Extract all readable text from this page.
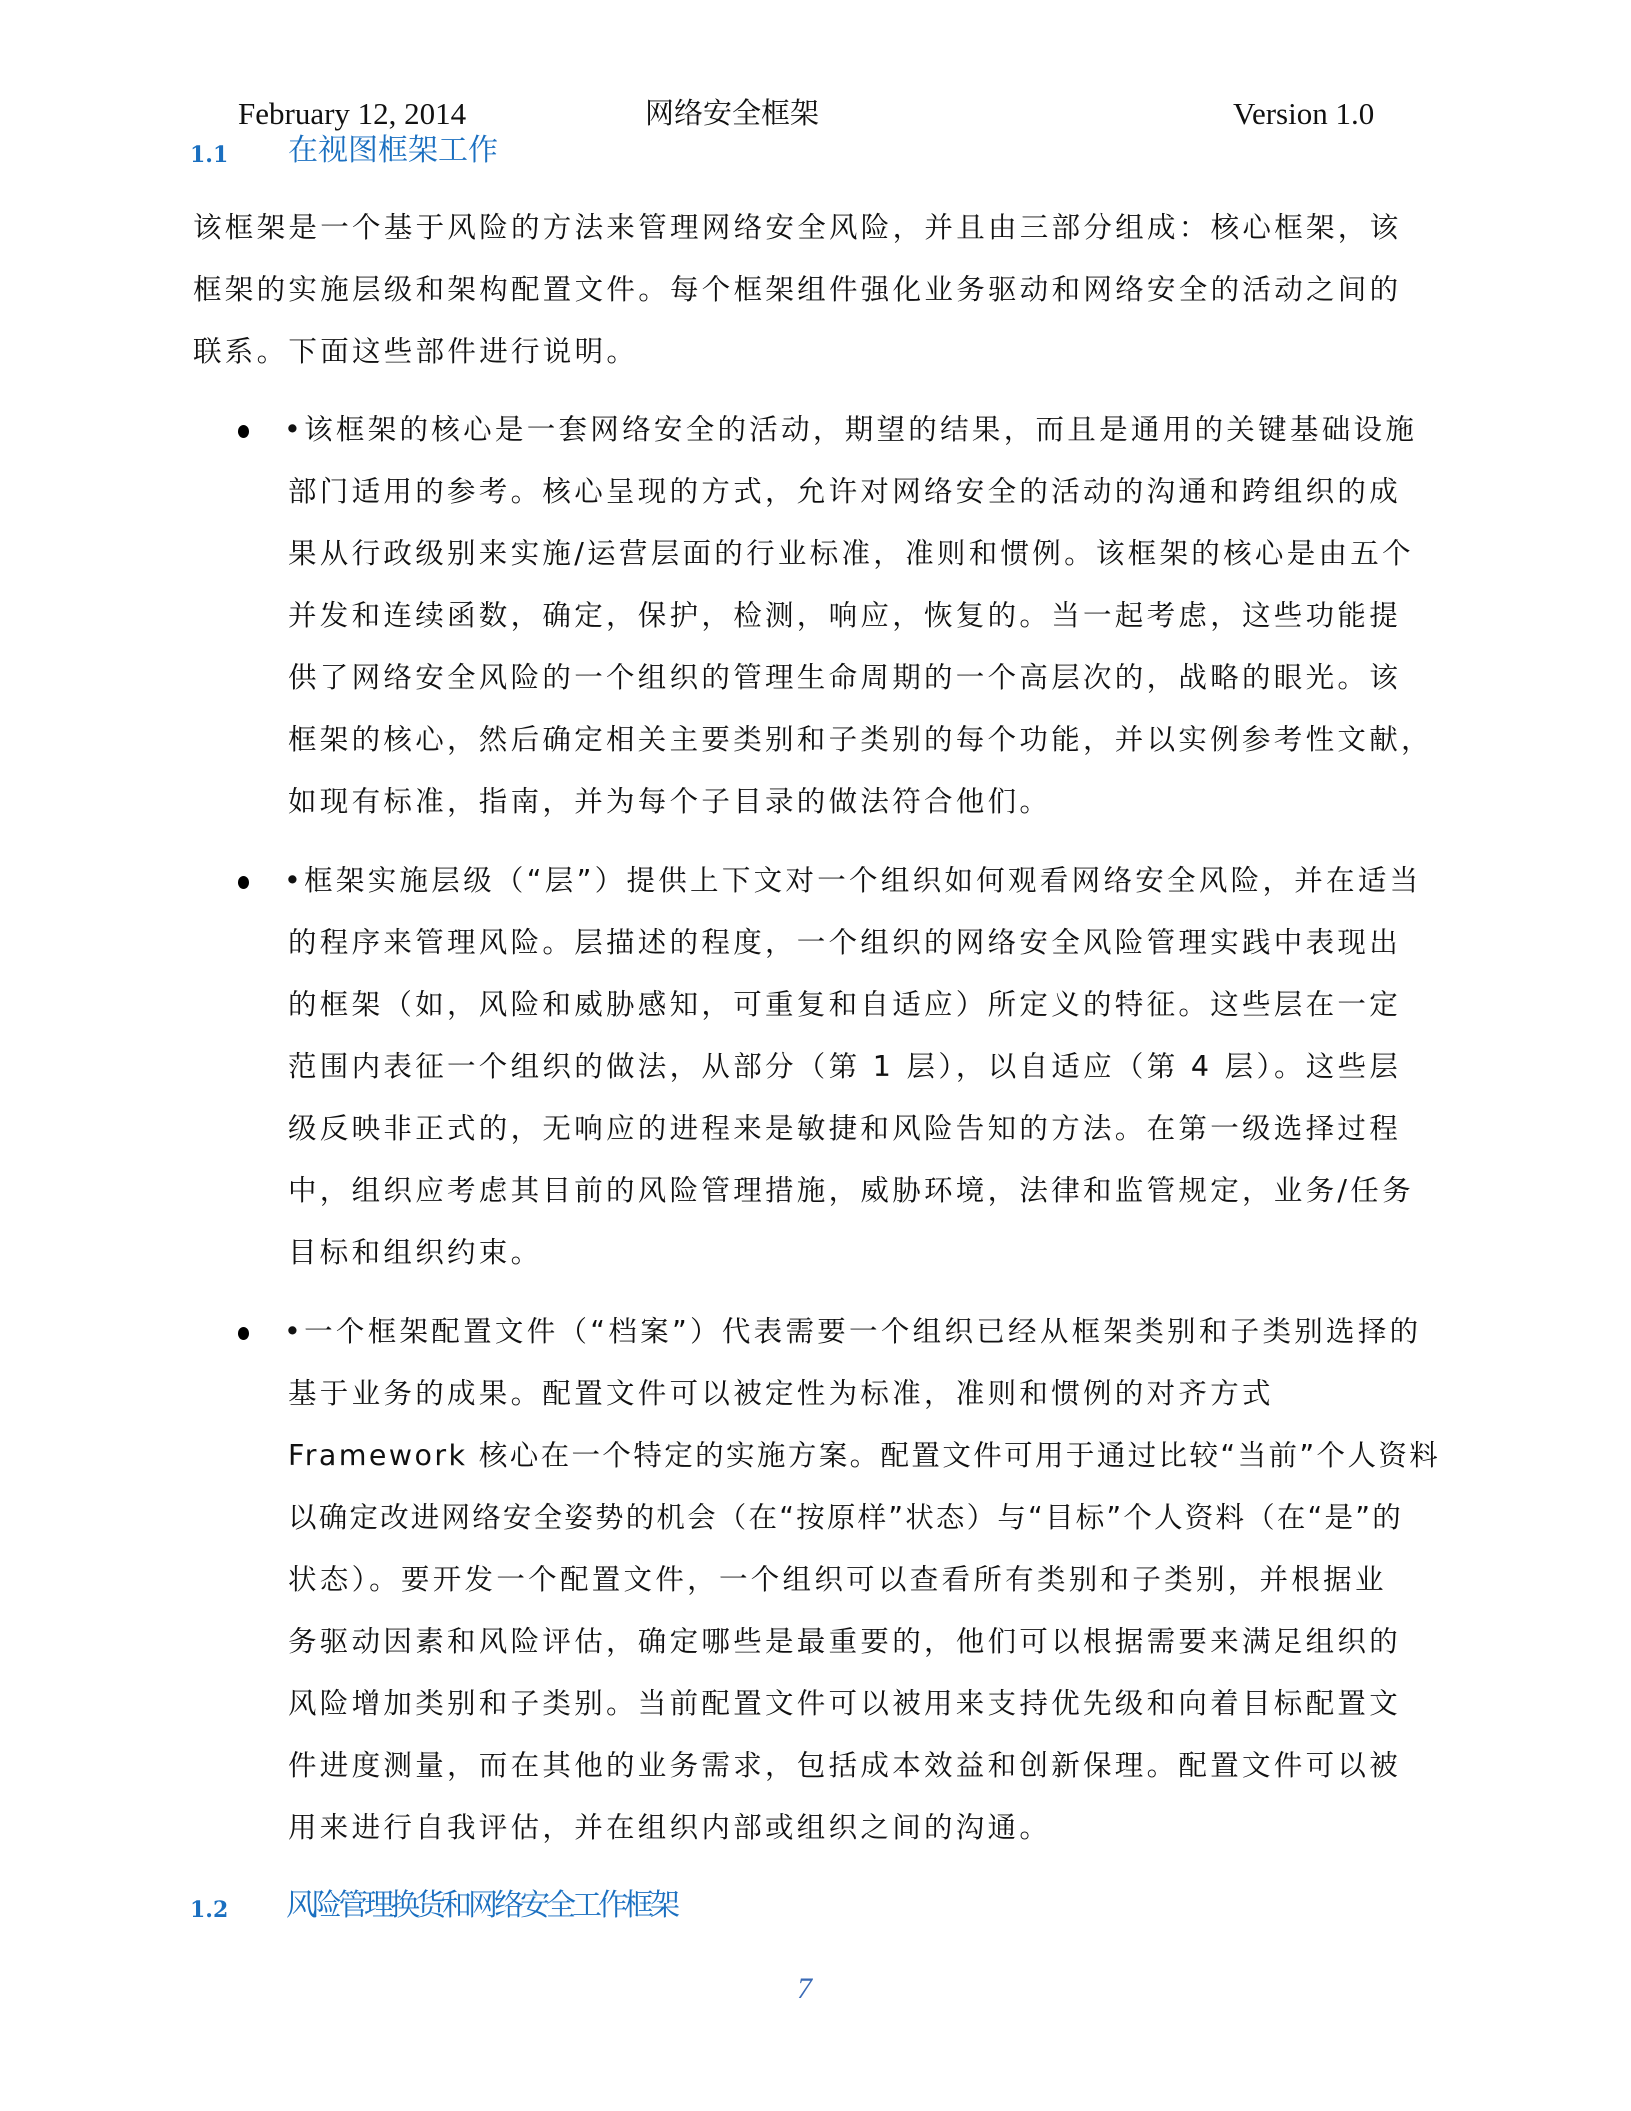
February 12, 2014	网络安全框架	Version 1.0
1.1 在视图框架工作
该框架是一个基于风险的方法来管理网络安全风险，并且由三部分组成：核心框架，该
框架的实施层级和架构配置文件。每个框架组件强化业务驱动和网络安全的活动之间的
联系。下面这些部件进行说明。
•该框架的核心是一套网络安全的活动，期望的结果，而且是通用的关键基础设施
部门适用的参考。核心呈现的方式，允许对网络安全的活动的沟通和跨组织的成
果从行政级别来实施/运营层面的行业标准，准则和惯例。该框架的核心是由五个
并发和连续函数，确定，保护，检测，响应，恢复的。当一起考虑，这些功能提
供了网络安全风险的一个组织的管理生命周期的一个高层次的，战略的眼光。该
框架的核心，然后确定相关主要类别和子类别的每个功能，并以实例参考性文献，
如现有标准，指南，并为每个子目录的做法符合他们。
•框架实施层级（“层”）提供上下文对一个组织如何观看网络安全风险，并在适当
的程序来管理风险。层描述的程度，一个组织的网络安全风险管理实践中表现出
的框架（如，风险和威胁感知，可重复和自适应）所定义的特征。这些层在一定
范围内表征一个组织的做法，从部分（第 1 层），以自适应（第 4 层）。这些层
级反映非正式的，无响应的进程来是敏捷和风险告知的方法。在第一级选择过程
中，组织应考虑其目前的风险管理措施，威胁环境，法律和监管规定，业务/任务
目标和组织约束。
•一个框架配置文件（“档案”）代表需要一个组织已经从框架类别和子类别选择的
基于业务的成果。配置文件可以被定性为标准，准则和惯例的对齐方式
Framework 核心在一个特定的实施方案。配置文件可用于通过比较“当前”个人资料
以确定改进网络安全姿势的机会（在“按原样”状态）与“目标”个人资料（在“是”的
状态）。要开发一个配置文件，一个组织可以查看所有类别和子类别，并根据业
务驱动因素和风险评估，确定哪些是最重要的，他们可以根据需要来满足组织的
风险增加类别和子类别。当前配置文件可以被用来支持优先级和向着目标配置文
件进度测量，而在其他的业务需求，包括成本效益和创新保理。配置文件可以被
用来进行自我评估，并在组织内部或组织之间的沟通。
1.2 风险管理换货和网络安全工作框架
7
